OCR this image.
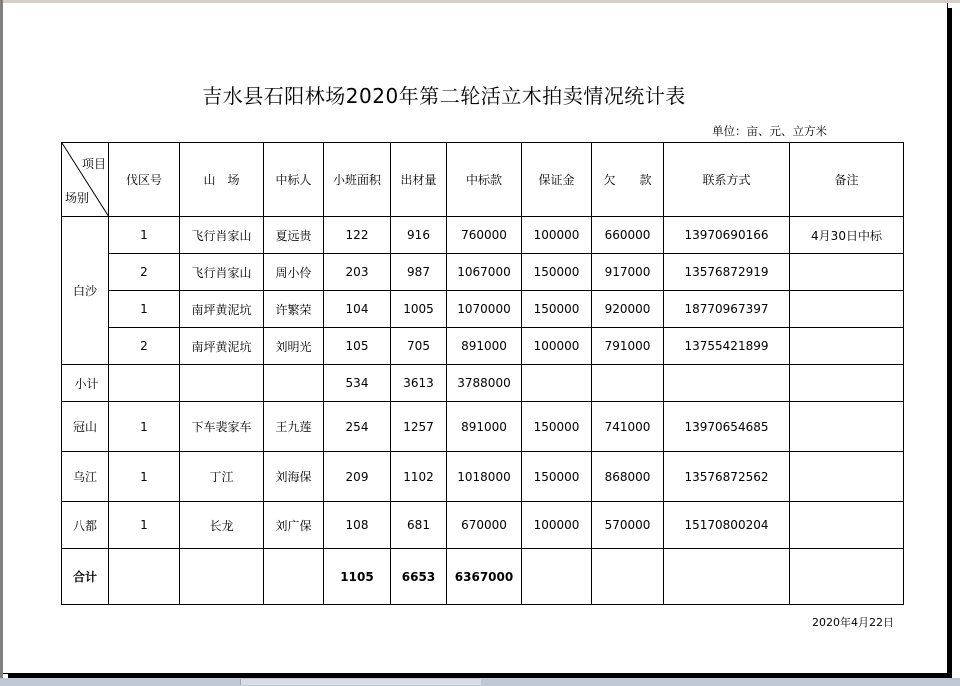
吉水县石阳林场2020年第二轮活立木拍卖情况统计表
单位：亩、元、立方米
项目
场别	伐区号	山　场	中标人	小班面积	出材量	中标款	保证金	欠　　款	联系方式	备注
白沙	1	飞行肖家山	夏远贵	122	916	760000	100000	660000	13970690166	4月30日中标
	2	飞行肖家山	周小伶	203	987	1067000	150000	917000	13576872919	
	1	南坪黄泥坑	许繁荣	104	1005	1070000	150000	920000	18770967397	
	2	南坪黄泥坑	刘明光	105	705	891000	100000	791000	13755421899	
小计				534	3613	3788000				
冠山	1	下车裴家车	王九莲	254	1257	891000	150000	741000	13970654685	
乌江	1	丁江	刘海保	209	1102	1018000	150000	868000	13576872562	
八都	1	长龙	刘广保	108	681	670000	100000	570000	15170800204	
合计				1105	6653	6367000				
2020年4月22日
